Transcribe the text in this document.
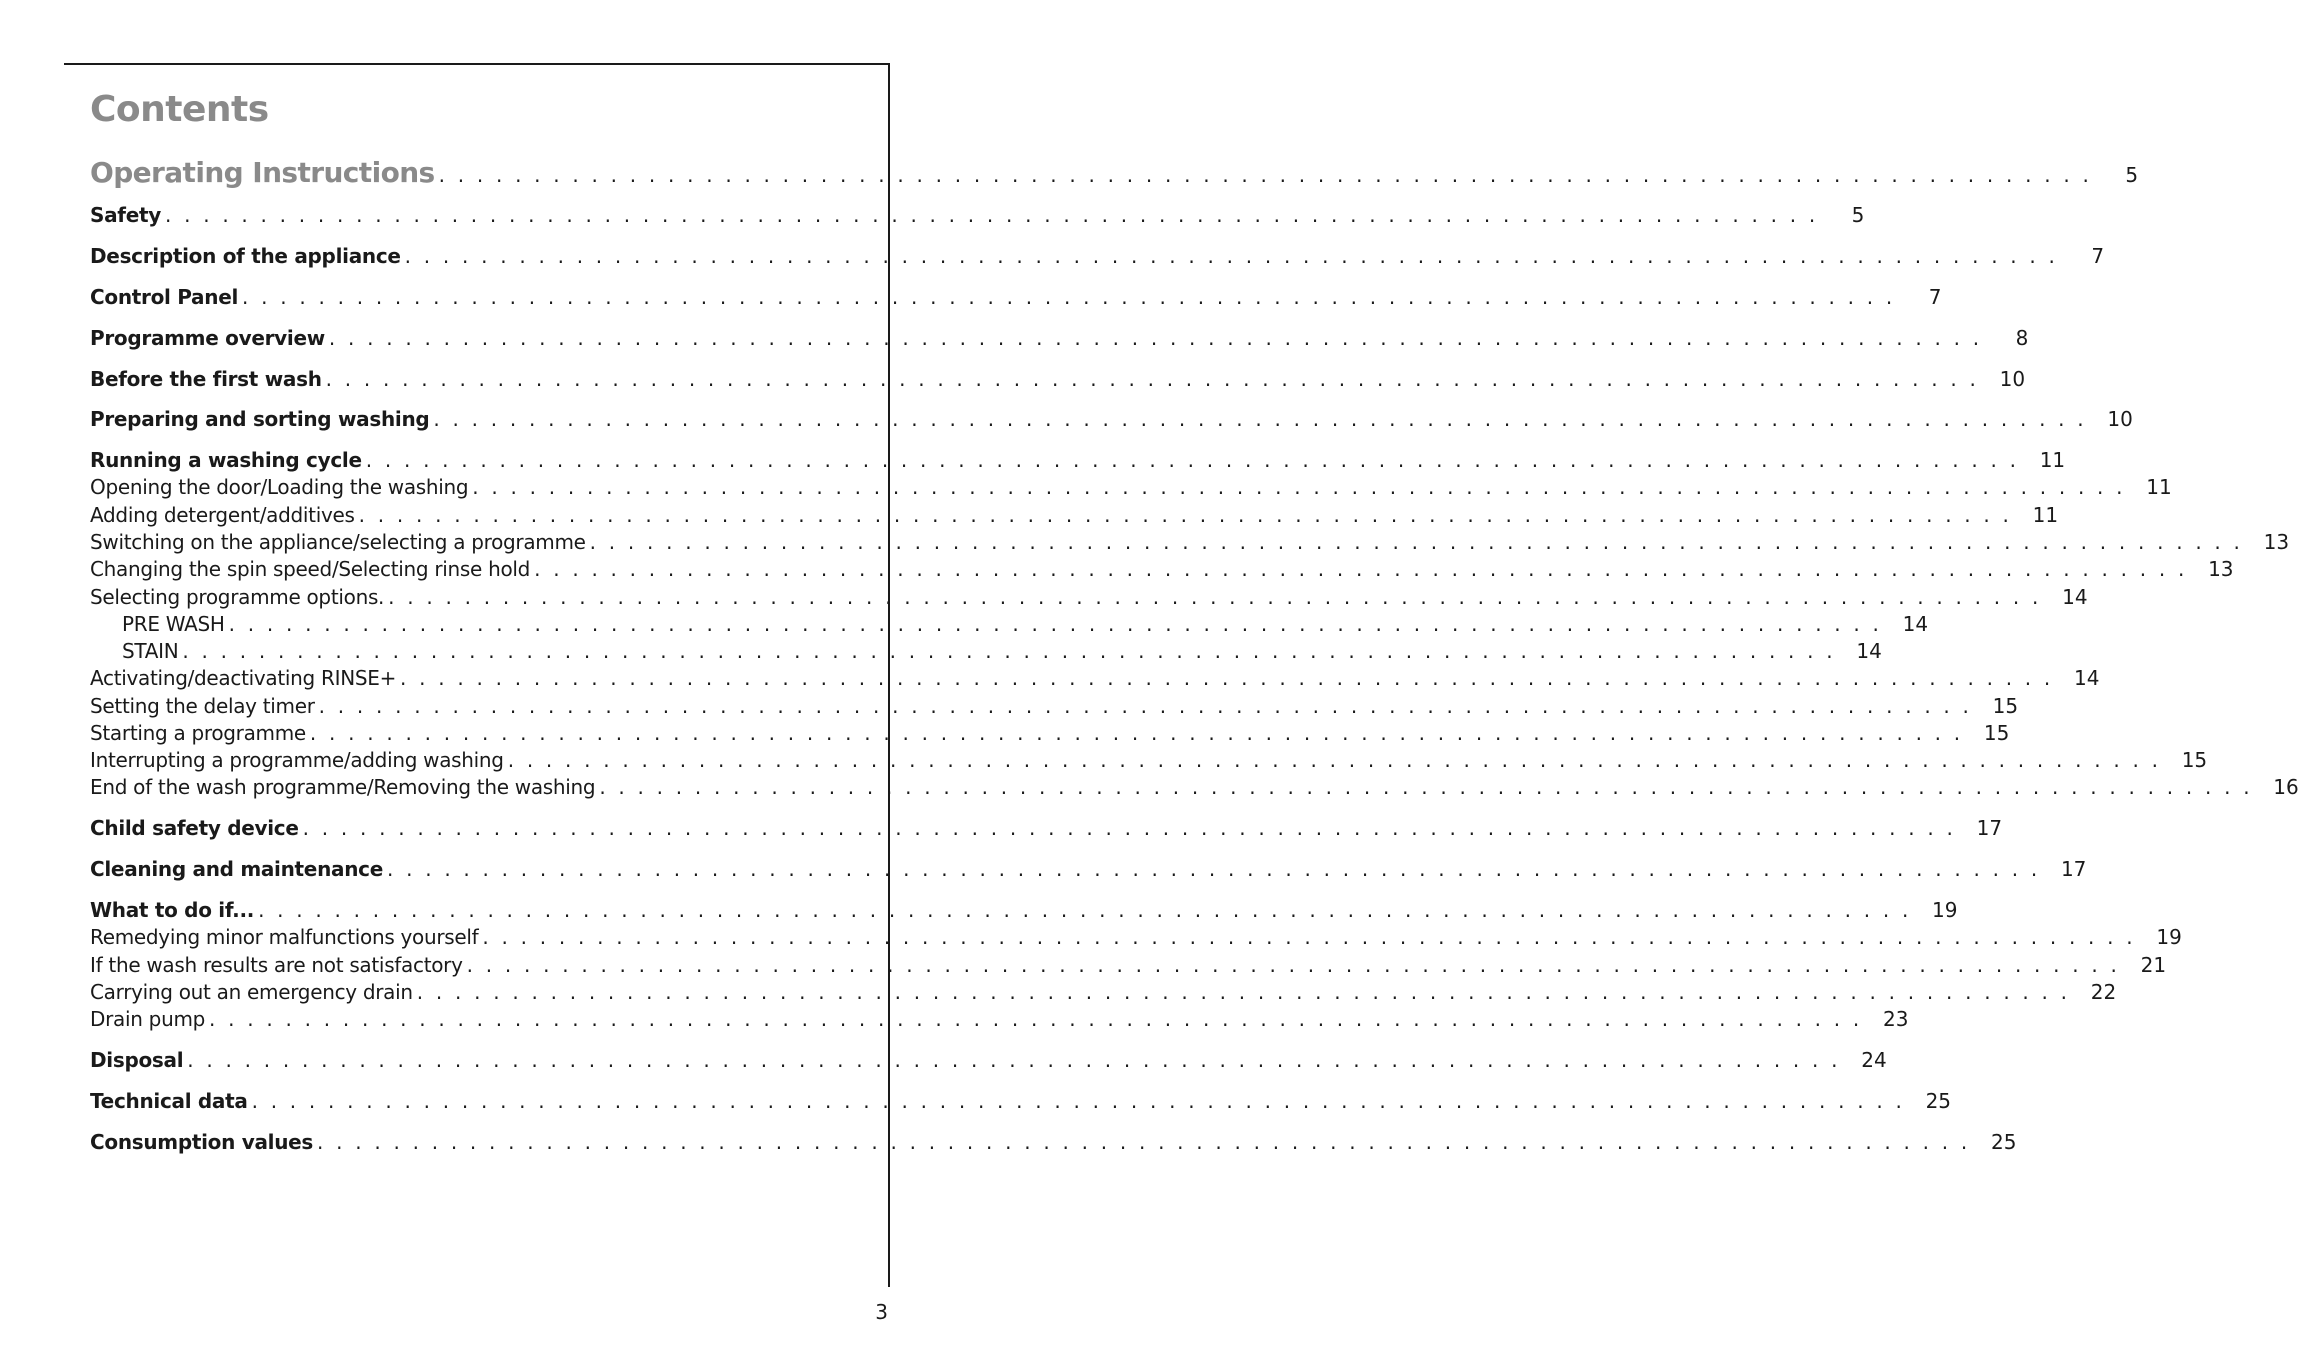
Contents
Operating Instructions . . . . . . . . . . . . . . . . . . . . . . . . . . . . . . . . . . . . . . . . . . . . . . . . . . . . . . . . . . . . . . . . . . . . . . . . . . . . . . . . . . . . . . .	5
Safety . . . . . . . . . . . . . . . . . . . . . . . . . . . . . . . . . . . . . . . . . . . . . . . . . . . . . . . . . . . . . . . . . . . . . . . . . . . . . . . . . . . . . . .	5
Description of the appliance . . . . . . . . . . . . . . . . . . . . . . . . . . . . . . . . . . . . . . . . . . . . . . . . . . . . . . . . . . . . . . . . . . . . . . . . . . . . . . . . . . . . . . .	7
Control Panel . . . . . . . . . . . . . . . . . . . . . . . . . . . . . . . . . . . . . . . . . . . . . . . . . . . . . . . . . . . . . . . . . . . . . . . . . . . . . . . . . . . . . . .	7
Programme overview . . . . . . . . . . . . . . . . . . . . . . . . . . . . . . . . . . . . . . . . . . . . . . . . . . . . . . . . . . . . . . . . . . . . . . . . . . . . . . . . . . . . . . .	8
Before the first wash . . . . . . . . . . . . . . . . . . . . . . . . . . . . . . . . . . . . . . . . . . . . . . . . . . . . . . . . . . . . . . . . . . . . . . . . . . . . . . . . . . . . . . . 10
Preparing and sorting washing . . . . . . . . . . . . . . . . . . . . . . . . . . . . . . . . . . . . . . . . . . . . . . . . . . . . . . . . . . . . . . . . . . . . . . . . . . . . . . . . . . . . . . . 10
Running a washing cycle . . . . . . . . . . . . . . . . . . . . . . . . . . . . . . . . . . . . . . . . . . . . . . . . . . . . . . . . . . . . . . . . . . . . . . . . . . . . . . . . . . . . . . . 11
Opening the door/Loading the washing . . . . . . . . . . . . . . . . . . . . . . . . . . . . . . . . . . . . . . . . . . . . . . . . . . . . . . . . . . . . . . . . . . . . . . . . . . . . . . . . . . . . . . . 11
Adding detergent/additives . . . . . . . . . . . . . . . . . . . . . . . . . . . . . . . . . . . . . . . . . . . . . . . . . . . . . . . . . . . . . . . . . . . . . . . . . . . . . . . . . . . . . . . 11
Switching on the appliance/selecting a programme . . . . . . . . . . . . . . . . . . . . . . . . . . . . . . . . . . . . . . . . . . . . . . . . . . . . . . . . . . . . . . . . . . . . . . . . . . . . . . . . . . . . . . . 13
Changing the spin speed/Selecting rinse hold . . . . . . . . . . . . . . . . . . . . . . . . . . . . . . . . . . . . . . . . . . . . . . . . . . . . . . . . . . . . . . . . . . . . . . . . . . . . . . . . . . . . . . . 13
Selecting programme options. . . . . . . . . . . . . . . . . . . . . . . . . . . . . . . . . . . . . . . . . . . . . . . . . . . . . . . . . . . . . . . . . . . . . . . . . . . . . . . . . . . . . . . . 14
PRE WASH . . . . . . . . . . . . . . . . . . . . . . . . . . . . . . . . . . . . . . . . . . . . . . . . . . . . . . . . . . . . . . . . . . . . . . . . . . . . . . . . . . . . . . . 14
STAIN . . . . . . . . . . . . . . . . . . . . . . . . . . . . . . . . . . . . . . . . . . . . . . . . . . . . . . . . . . . . . . . . . . . . . . . . . . . . . . . . . . . . . . . 14
Activating/deactivating RINSE+ . . . . . . . . . . . . . . . . . . . . . . . . . . . . . . . . . . . . . . . . . . . . . . . . . . . . . . . . . . . . . . . . . . . . . . . . . . . . . . . . . . . . . . . 14
Setting the delay timer . . . . . . . . . . . . . . . . . . . . . . . . . . . . . . . . . . . . . . . . . . . . . . . . . . . . . . . . . . . . . . . . . . . . . . . . . . . . . . . . . . . . . . . 15
Starting a programme . . . . . . . . . . . . . . . . . . . . . . . . . . . . . . . . . . . . . . . . . . . . . . . . . . . . . . . . . . . . . . . . . . . . . . . . . . . . . . . . . . . . . . . 15
Interrupting a programme/adding washing . . . . . . . . . . . . . . . . . . . . . . . . . . . . . . . . . . . . . . . . . . . . . . . . . . . . . . . . . . . . . . . . . . . . . . . . . . . . . . . . . . . . . . . 15
End of the wash programme/Removing the washing . . . . . . . . . . . . . . . . . . . . . . . . . . . . . . . . . . . . . . . . . . . . . . . . . . . . . . . . . . . . . . . . . . . . . . . . . . . . . . . . . . . . . . . 16
Child safety device . . . . . . . . . . . . . . . . . . . . . . . . . . . . . . . . . . . . . . . . . . . . . . . . . . . . . . . . . . . . . . . . . . . . . . . . . . . . . . . . . . . . . . . 17
Cleaning and maintenance . . . . . . . . . . . . . . . . . . . . . . . . . . . . . . . . . . . . . . . . . . . . . . . . . . . . . . . . . . . . . . . . . . . . . . . . . . . . . . . . . . . . . . . 17
What to do if... . . . . . . . . . . . . . . . . . . . . . . . . . . . . . . . . . . . . . . . . . . . . . . . . . . . . . . . . . . . . . . . . . . . . . . . . . . . . . . . . . . . . . . . 19
Remedying minor malfunctions yourself . . . . . . . . . . . . . . . . . . . . . . . . . . . . . . . . . . . . . . . . . . . . . . . . . . . . . . . . . . . . . . . . . . . . . . . . . . . . . . . . . . . . . . . 19
If the wash results are not satisfactory . . . . . . . . . . . . . . . . . . . . . . . . . . . . . . . . . . . . . . . . . . . . . . . . . . . . . . . . . . . . . . . . . . . . . . . . . . . . . . . . . . . . . . . 21
Carrying out an emergency drain . . . . . . . . . . . . . . . . . . . . . . . . . . . . . . . . . . . . . . . . . . . . . . . . . . . . . . . . . . . . . . . . . . . . . . . . . . . . . . . . . . . . . . . 22
Drain pump . . . . . . . . . . . . . . . . . . . . . . . . . . . . . . . . . . . . . . . . . . . . . . . . . . . . . . . . . . . . . . . . . . . . . . . . . . . . . . . . . . . . . . . 23
Disposal . . . . . . . . . . . . . . . . . . . . . . . . . . . . . . . . . . . . . . . . . . . . . . . . . . . . . . . . . . . . . . . . . . . . . . . . . . . . . . . . . . . . . . . 24
Technical data . . . . . . . . . . . . . . . . . . . . . . . . . . . . . . . . . . . . . . . . . . . . . . . . . . . . . . . . . . . . . . . . . . . . . . . . . . . . . . . . . . . . . . . 25
Consumption values . . . . . . . . . . . . . . . . . . . . . . . . . . . . . . . . . . . . . . . . . . . . . . . . . . . . . . . . . . . . . . . . . . . . . . . . . . . . . . . . . . . . . . . 25
3
